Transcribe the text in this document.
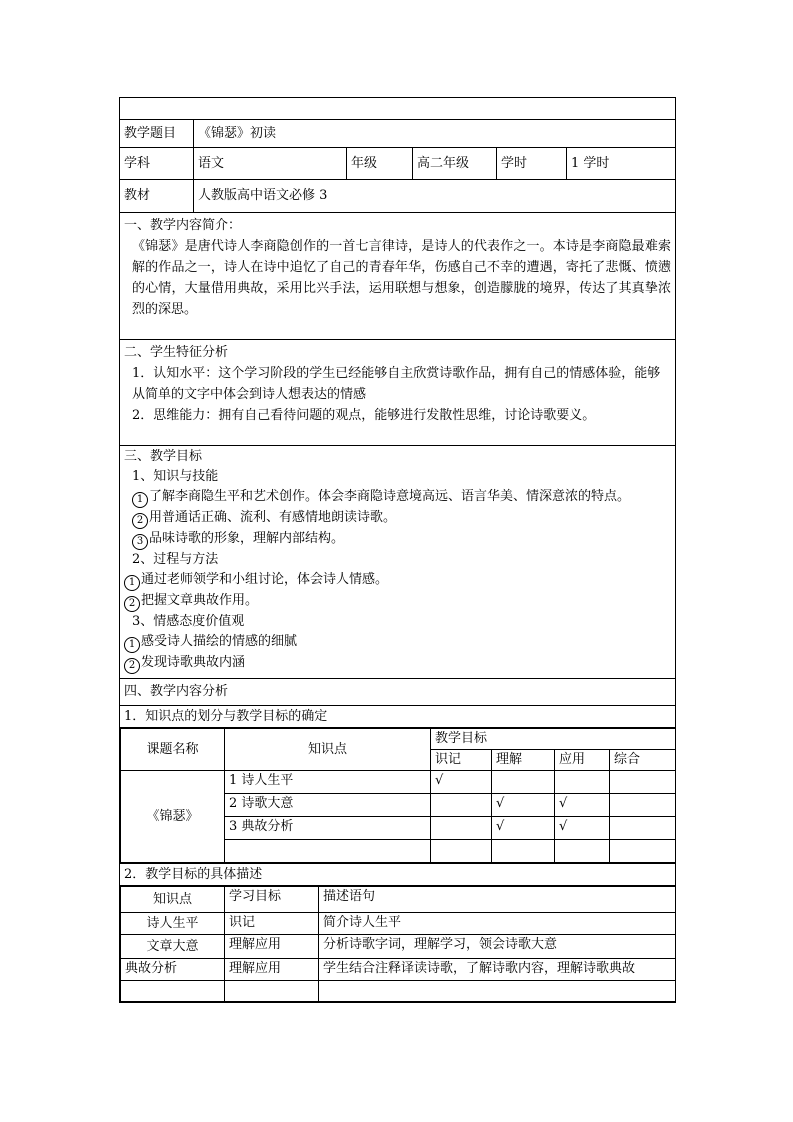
教学题目	《锦瑟》初读
学科	语文	年级	高二年级	学时	1 学时
教材	人教版高中语文必修 3

一、教学内容简介：

《锦瑟》是唐代诗人李商隐创作的一首七言律诗，是诗人的代表作之一。本诗是李商隐最难索解的作品之一，诗人在诗中追忆了自己的青春年华，伤感自己不幸的遭遇，寄托了悲慨、愤懑的心情，大量借用典故，采用比兴手法，运用联想与想象，创造朦胧的境界，传达了其真挚浓烈的深思。

二、学生特征分析

1．认知水平：这个学习阶段的学生已经能够自主欣赏诗歌作品，拥有自己的情感体验，能够从简单的文字中体会到诗人想表达的情感

2．思维能力：拥有自己看待问题的观点，能够进行发散性思维，讨论诗歌要义。

三、教学目标

1、知识与技能

1 了解李商隐生平和艺术创作。体会李商隐诗意境高远、语言华美、情深意浓的特点。

2 用普通话正确、流利、有感情地朗读诗歌。

3 品味诗歌的形象，理解内部结构。

2、过程与方法

1 通过老师领学和小组讨论，体会诗人情感。

2 把握文章典故作用。

3、情感态度价值观

1 感受诗人描绘的情感的细腻

2 发现诗歌典故内涵

四、教学内容分析
1．知识点的划分与教学目标的确定

课题名称	知识点	教学目标
识记	理解	应用	综合
《锦瑟》	1 诗人生平	√			
2 诗歌大意		√	√	
3 典故分析		√	√	

2．教学目标的具体描述

知识点	学习目标	描述语句
诗人生平	识记	简介诗人生平
文章大意	理解应用	分析诗歌字词，理解学习，领会诗歌大意
典故分析	理解应用	学生结合注释译读诗歌，了解诗歌内容，理解诗歌典故
